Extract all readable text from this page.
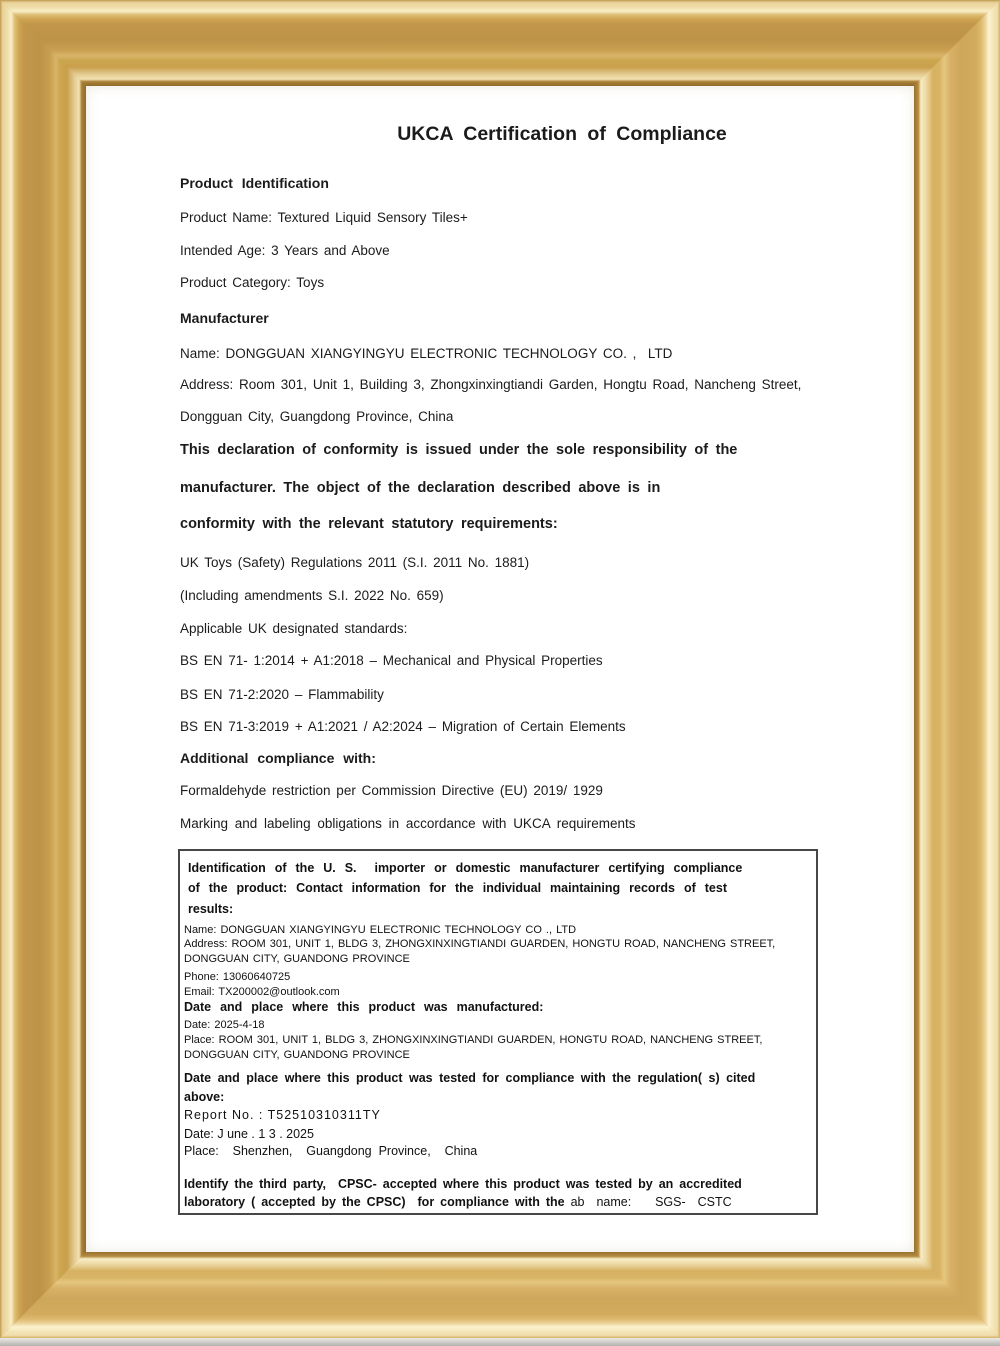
UKCA Certification of Compliance
Product Identification
Product Name: Textured Liquid Sensory Tiles+
Intended Age: 3 Years and Above
Product Category: Toys
Manufacturer
Name: DONGGUAN XIANGYINGYU ELECTRONIC TECHNOLOGY CO. ,  LTD
Address: Room 301, Unit 1, Building 3, Zhongxinxingtiandi Garden, Hongtu Road, Nancheng Street,
Dongguan City, Guangdong Province, China
This declaration of conformity is issued under the sole responsibility of the
manufacturer. The object of the declaration described above is in
conformity with the relevant statutory requirements:
UK Toys (Safety) Regulations 2011 (S.I. 2011 No. 1881)
(Including amendments S.I. 2022 No. 659)
Applicable UK designated standards:
BS EN 71- 1:2014 + A1:2018 – Mechanical and Physical Properties
BS EN 71-2:2020 – Flammability
BS EN 71-3:2019 + A1:2021 / A2:2024 – Migration of Certain Elements
Additional compliance with:
Formaldehyde restriction per Commission Directive (EU) 2019/ 1929
Marking and labeling obligations in accordance with UKCA requirements
Identification of the U. S.  importer or domestic manufacturer certifying compliance
of the product: Contact information for the individual maintaining records of test
results:
Name: DONGGUAN XIANGYINGYU ELECTRONIC TECHNOLOGY CO ., LTD
Address: ROOM 301, UNIT 1, BLDG 3, ZHONGXINXINGTIANDI GUARDEN, HONGTU ROAD, NANCHENG STREET,
DONGGUAN CITY, GUANDONG PROVINCE
Phone: 13060640725
Email: TX200002@outlook.com
Date and place where this product was manufactured:
Date: 2025-4-18
Place: ROOM 301, UNIT 1, BLDG 3, ZHONGXINXINGTIANDI GUARDEN, HONGTU ROAD, NANCHENG STREET,
DONGGUAN CITY, GUANDONG PROVINCE
Date and place where this product was tested for compliance with the regulation( s) cited
above:
Report No. : T52510310311TY
Date: J une . 1 3 . 2025
Place:    Shenzhen,    Guangdong  Province,    China
Identify the third party,  CPSC- accepted where this product was tested by an accredited
laboratory ( accepted by the CPSC)  for compliance with the ab  name:    SGS-  CSTC
